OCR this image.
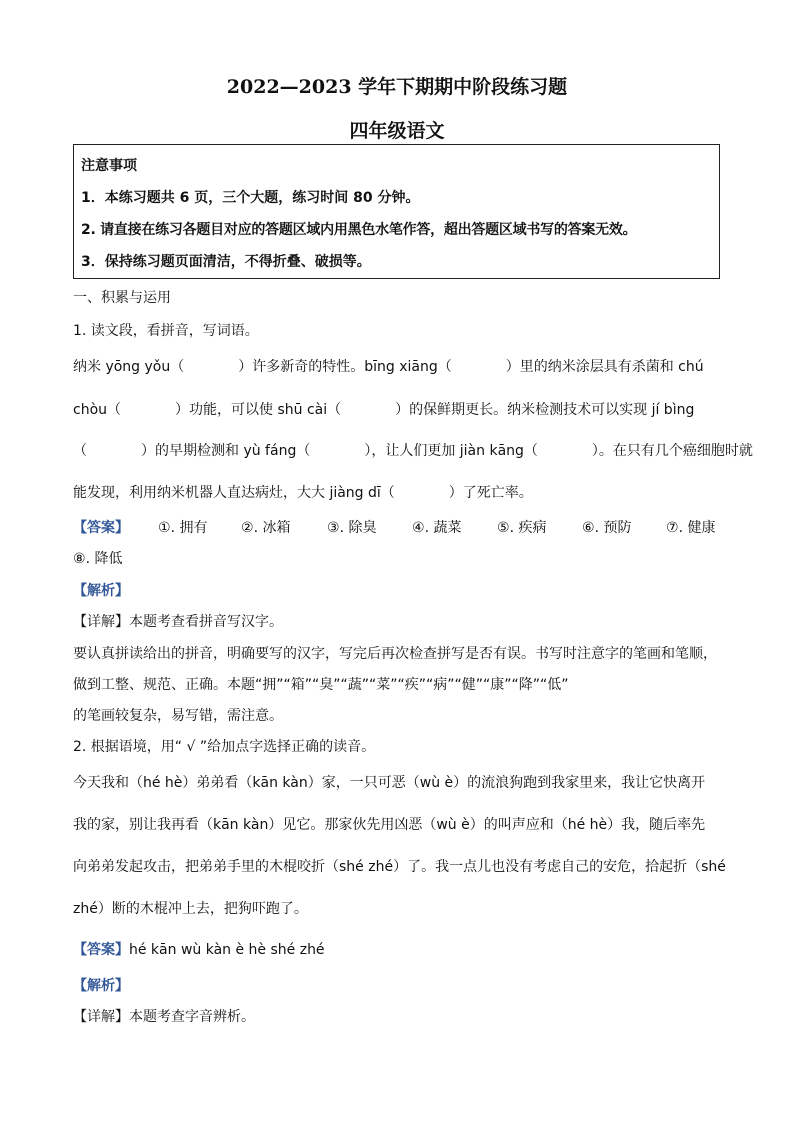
2022—2023 学年下期期中阶段练习题
四年级语文
注意事项
1．本练习题共 6 页，三个大题，练习时间 80 分钟。
2. 请直接在练习各题目对应的答题区域内用黑色水笔作答，超出答题区域书写的答案无效。
3．保持练习题页面清洁，不得折叠、破损等。
一、积累与运用
1. 读文段，看拼音，写词语。
纳米 yōng yǒu（	）许多新奇的特性。bīng xiāng（	）里的纳米涂层具有杀菌和 chú
chòu（	）功能，可以使 shū cài（	）的保鲜期更长。纳米检测技术可以实现 jí bìng
（	）的早期检测和 yù fáng（	），让人们更加 jiàn kāng（	）。在只有几个癌细胞时就
能发现，利用纳米机器人直达病灶，大大 jiàng dī（	）了死亡率。
【答案】 ①. 拥有 ②. 冰箱	③. 除臭	④. 蔬菜	⑤. 疾病	⑥. 预防 ⑦. 健康
⑧. 降低
【解析】
【详解】本题考查看拼音写汉字。
要认真拼读给出的拼音，明确要写的汉字，写完后再次检查拼写是否有误。书写时注意字的笔画和笔顺，
做到工整、规范、正确。本题“拥”“箱”“臭”“蔬”“菜”“疾”“病”“健”“康”“降”“低”
的笔画较复杂，易写错，需注意。
2. 根据语境，用“ √ ”给加点字选择正确的读音。
今天我和（hé hè）弟弟看（kān kàn）家，一只可恶（wù è）的流浪狗跑到我家里来，我让它快离开
我的家，别让我再看（kān kàn）见它。那家伙先用凶恶（wù è）的叫声应和（hé hè）我，随后率先
向弟弟发起攻击，把弟弟手里的木棍咬折（shé zhé）了。我一点儿也没有考虑自己的安危，拾起折（shé
zhé）断的木棍冲上去，把狗吓跑了。
【答案】hé kān wù kàn è hè shé zhé
【解析】
【详解】本题考查字音辨析。
